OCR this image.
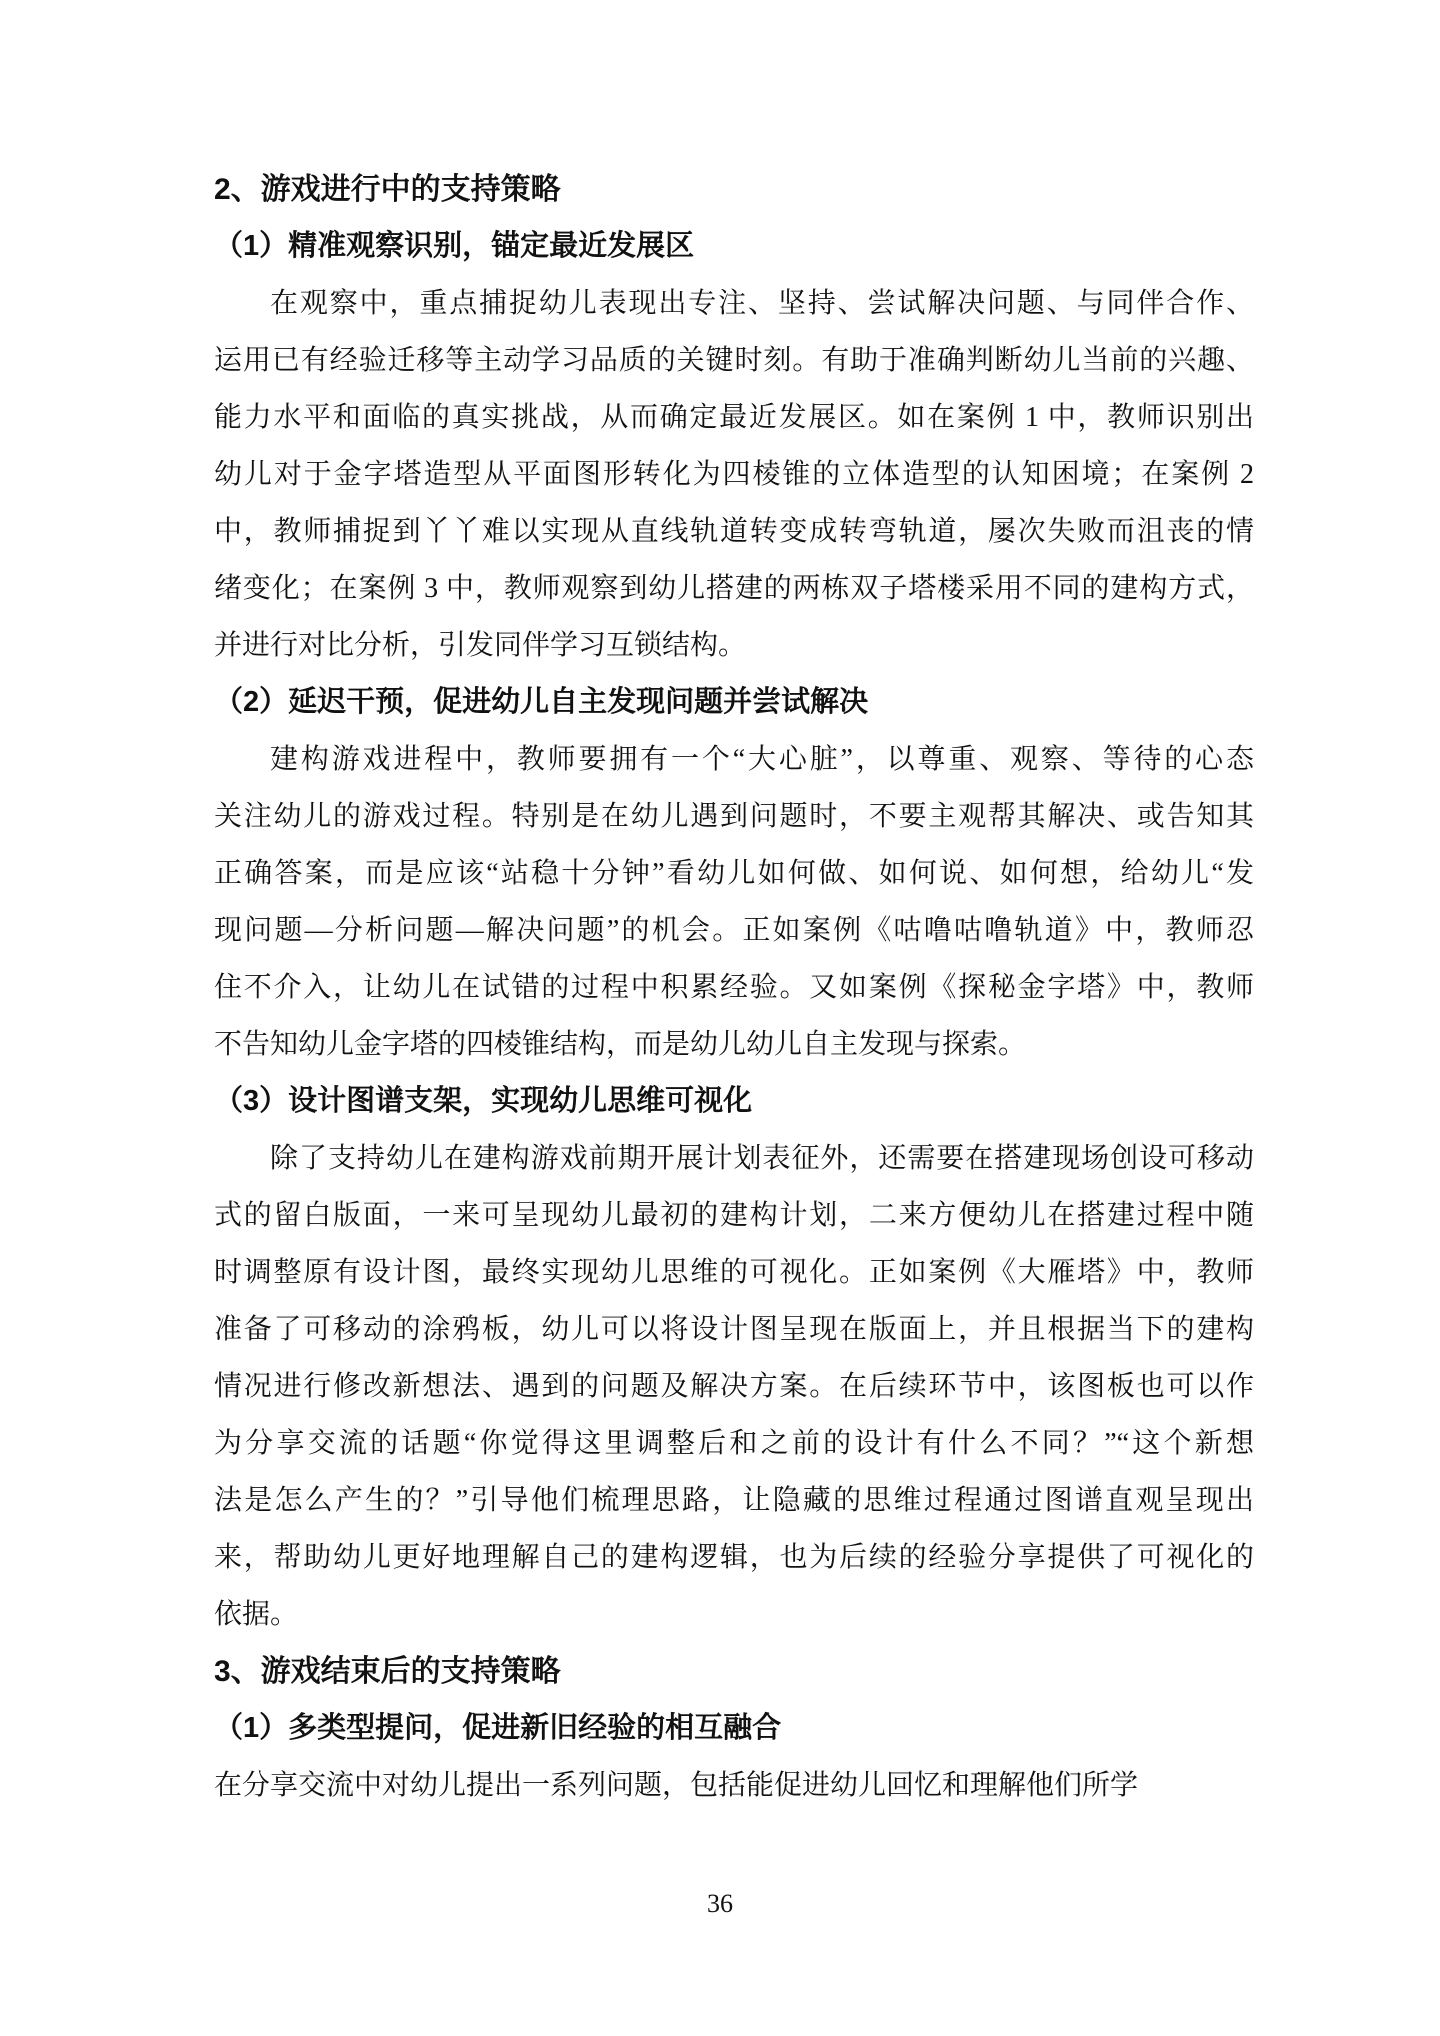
2、游戏进行中的支持策略
（1）精准观察识别，锚定最近发展区
在观察中，重点捕捉幼儿表现出专注、坚持、尝试解决问题、与同伴合作、
运用已有经验迁移等主动学习品质的关键时刻。有助于准确判断幼儿当前的兴趣、
能力水平和面临的真实挑战，从而确定最近发展区。如在案例 1 中，教师识别出
幼儿对于金字塔造型从平面图形转化为四棱锥的立体造型的认知困境；在案例 2
中，教师捕捉到丫丫难以实现从直线轨道转变成转弯轨道，屡次失败而沮丧的情
绪变化；在案例 3 中，教师观察到幼儿搭建的两栋双子塔楼采用不同的建构方式，
并进行对比分析，引发同伴学习互锁结构。
（2）延迟干预，促进幼儿自主发现问题并尝试解决
建构游戏进程中，教师要拥有一个“大心脏”，以尊重、观察、等待的心态
关注幼儿的游戏过程。特别是在幼儿遇到问题时，不要主观帮其解决、或告知其
正确答案，而是应该“站稳十分钟”看幼儿如何做、如何说、如何想，给幼儿“发
现问题—分析问题—解决问题”的机会。正如案例《咕噜咕噜轨道》中，教师忍
住不介入，让幼儿在试错的过程中积累经验。又如案例《探秘金字塔》中，教师
不告知幼儿金字塔的四棱锥结构，而是幼儿幼儿自主发现与探索。
（3）设计图谱支架，实现幼儿思维可视化
除了支持幼儿在建构游戏前期开展计划表征外，还需要在搭建现场创设可移动
式的留白版面，一来可呈现幼儿最初的建构计划，二来方便幼儿在搭建过程中随
时调整原有设计图，最终实现幼儿思维的可视化。正如案例《大雁塔》中，教师
准备了可移动的涂鸦板，幼儿可以将设计图呈现在版面上，并且根据当下的建构
情况进行修改新想法、遇到的问题及解决方案。在后续环节中，该图板也可以作
为分享交流的话题“你觉得这里调整后和之前的设计有什么不同？”“这个新想
法是怎么产生的？”引导他们梳理思路，让隐藏的思维过程通过图谱直观呈现出
来，帮助幼儿更好地理解自己的建构逻辑，也为后续的经验分享提供了可视化的
依据。
3、游戏结束后的支持策略
（1）多类型提问，促进新旧经验的相互融合
在分享交流中对幼儿提出一系列问题，包括能促进幼儿回忆和理解他们所学
36
